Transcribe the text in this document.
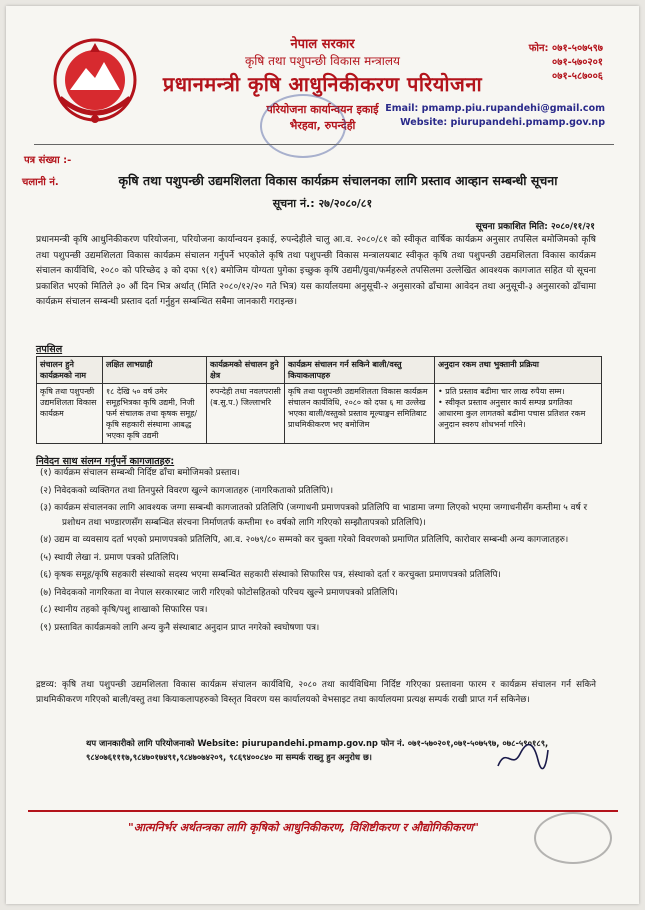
नेपाल सरकार
कृषि तथा पशुपन्छी विकास मन्त्रालय
प्रधानमन्त्री कृषि आधुनिकीकरण परियोजना
परियोजना कार्यान्वयन इकाई
भैरहवा, रुपन्देही
फोन: ०७१-५०७५९७
०७१-५७०२०१
०७१-५८७००६
Email: pmamp.piu.rupandehi@gmail.com
Website: piurupandehi.pmamp.gov.np
पत्र संख्या :-
चलानी नं.	कृषि तथा पशुपन्छी उद्यमशिलता विकास कार्यक्रम संचालनका लागि प्रस्ताव आव्हान सम्बन्धी सूचना
सूचना नं.: २७/२०८०/८१
सूचना प्रकाशित मिति: २०८०/११/२१
प्रधानमन्त्री कृषि आधुनिकीकरण परियोजना, परियोजना कार्यान्वयन इकाई, रुपन्देहीले चालु आ.व. २०८०/८१ को स्वीकृत वार्षिक कार्यक्रम अनुसार तपसिल बमोजिमको कृषि तथा पशुपन्छी उद्यमशिलता विकास कार्यक्रम संचालन गर्नुपर्ने भएकोले कृषि तथा पशुपन्छी विकास मन्त्रालयबाट स्वीकृत कृषि तथा पशुपन्छी उद्यमशिलता विकास कार्यक्रम संचालन कार्यविधि, २०८० को परिच्छेद ३ को दफा ९(१) बमोजिम योग्यता पुगेका इच्छुक कृषि उद्यमी/युवा/फर्महरुले तपसिलमा उल्लेखित आवश्यक कागजात सहित यो सूचना प्रकाशित भएको मितिले ३० औं दिन भित्र अर्थात् (मिति २०८०/१२/२० गते भित्र) यस कार्यालयमा अनुसूची-२ अनुसारको ढाँचामा आवेदन तथा अनुसूची-३ अनुसारको ढाँचामा कार्यक्रम संचालन सम्बन्धी प्रस्ताव दर्ता गर्नुहुन सम्बन्धित सबैमा जानकारी गराइन्छ।
तपसिल
संचालन हुने कार्यक्रमको नाम	लक्षित लाभग्राही	कार्यक्रमको संचालन हुने क्षेत्र	कार्यक्रम संचालन गर्न सकिने बाली/वस्तु कियाकलापहरु	अनुदान रकम तथा भुक्तानी प्रक्रिया
कृषि तथा पशुपन्छी उद्यमशिलता विकास कार्यक्रम	१८ देखि ५० वर्ष उमेर समूहभित्रका कृषि उद्यमी, निजी फर्म संचालक तथा कृषक समूह/कृषि सहकारी संस्थामा आबद्ध भएका कृषि उद्यमी	रुपन्देही तथा नवलपरासी (ब.सु.प.) जिल्लाभरि	कृषि तथा पशुपन्छी उद्यमशिलता विकास कार्यक्रम संचालन कार्यविधि, २०८० को दफा ६ मा उल्लेख भएका बाली/वस्तुको प्रस्ताव मूल्याङ्कन समितिबाट प्राथमिकीकरण भए बमोजिम	• प्रति प्रस्ताव बढीमा चार लाख रुपैया सम्म।
• स्वीकृत प्रस्ताव अनुसार कार्य सम्पन्न प्रगतिका आधारमा कुल लागतको बढीमा पचास प्रतिशत रकम अनुदान स्वरुप शोधभर्ना गरिने।
निवेदन साथ संलग्न गर्नुपर्ने कागजातहरु:
(१) कार्यक्रम संचालन सम्बन्धी निर्दिष्ट ढाँचा बमोजिमको प्रस्ताव।
(२) निवेदकको व्यक्तिगत तथा तिनपुस्ते विवरण खुल्ने कागजातहरु (नागरिकताको प्रतिलिपि)।
(३) कार्यक्रम संचालनका लागि आवश्यक जग्गा सम्बन्धी कागजातको प्रतिलिपि (जग्गाधनी प्रमाणपत्रको प्रतिलिपि वा भाडामा जग्गा लिएको भएमा जग्गाधनीसँग कम्तीमा ५ वर्ष र प्रशोधन तथा भण्डारणसँग सम्बन्धित संरचना निर्माणतर्फ कम्तीमा १० वर्षको लागि गरिएको सम्झौतापत्रको प्रतिलिपि)।
(४) उद्यम वा व्यवसाय दर्ता भएको प्रमाणपत्रको प्रतिलिपि, आ.व. २०७९/८० सम्मको कर चुक्ता गरेको विवरणको प्रमाणित प्रतिलिपि, कारोवार सम्बन्धी अन्य कागजातहरु।
(५) स्थायी लेखा नं. प्रमाण पत्रको प्रतिलिपि।
(६) कृषक समूह/कृषि सहकारी संस्थाको सदस्य भएमा सम्बन्धित सहकारी संस्थाको सिफारिस पत्र, संस्थाको दर्ता र करचुक्ता प्रमाणपत्रको प्रतिलिपि।
(७) निवेदकको नागरिकता वा नेपाल सरकारबाट जारी गरिएको फोटोसहितको परिचय खुल्ने प्रमाणपत्रको प्रतिलिपि।
(८) स्थानीय तहको कृषि/पशु शाखाको सिफारिस पत्र।
(९) प्रस्तावित कार्यक्रमको लागि अन्य कुनै संस्थाबाट अनुदान प्राप्त नगरेको स्वघोषणा पत्र।
द्रष्टव्य: कृषि तथा पशुपन्छी उद्यमशिलता विकास कार्यक्रम संचालन कार्यविधि, २०८० तथा कार्यविधिमा निर्दिष्ट गरिएका प्रस्तावना फारम र कार्यक्रम संचालन गर्न सकिने प्राथमिकीकरण गरिएको बाली/वस्तु तथा कियाकलापहरुको विस्तृत विवरण यस कार्यालयको वेभसाइट तथा कार्यालयमा प्रत्यक्ष सम्पर्क राखी प्राप्त गर्न सकिनेछ।
थप जानकारीको लागि परियोजनाको Website: piurupandehi.pmamp.gov.np फोन नं. ०७१-५७०२०१,०७१-५०७५९७, ०७८-५९०१८९, ९८४०७६१११७,९८४७०१७४९१,९८४७०७४२०९, ९८६९४००८४० मा सम्पर्क राख्नु हुन अनुरोध छ।
"आत्मनिर्भर अर्थतन्त्रका लागि कृषिको आधुनिकीकरण, विशिष्टीकरण र औद्योगिकीकरण"
